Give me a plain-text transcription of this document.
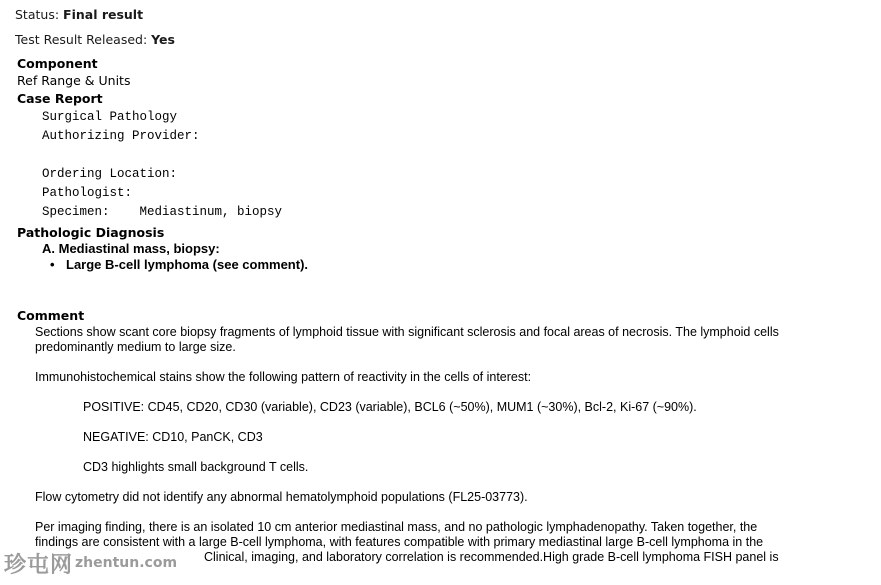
Status: Final result
Test Result Released: Yes
Component
Ref Range & Units
Case Report
Surgical Pathology
Authorizing Provider:
Ordering Location:
Pathologist:
Specimen:    Mediastinum, biopsy
Pathologic Diagnosis
A. Mediastinal mass, biopsy:
• Large B-cell lymphoma (see comment).
Comment
Sections show scant core biopsy fragments of lymphoid tissue with significant sclerosis and focal areas of necrosis. The lymphoid cells
predominantly medium to large size.
Immunohistochemical stains show the following pattern of reactivity in the cells of interest:
POSITIVE: CD45, CD20, CD30 (variable), CD23 (variable), BCL6 (~50%), MUM1 (~30%), Bcl-2, Ki-67 (~90%).
NEGATIVE: CD10, PanCK, CD3
CD3 highlights small background T cells.
Flow cytometry did not identify any abnormal hematolymphoid populations (FL25-03773).
Per imaging finding, there is an isolated 10 cm anterior mediastinal mass, and no pathologic lymphadenopathy. Taken together, the
findings are consistent with a large B-cell lymphoma, with features compatible with primary mediastinal large B-cell lymphoma in the
Clinical, imaging, and laboratory correlation is recommended.High grade B-cell lymphoma FISH panel is
珍屯网 zhentun.com
